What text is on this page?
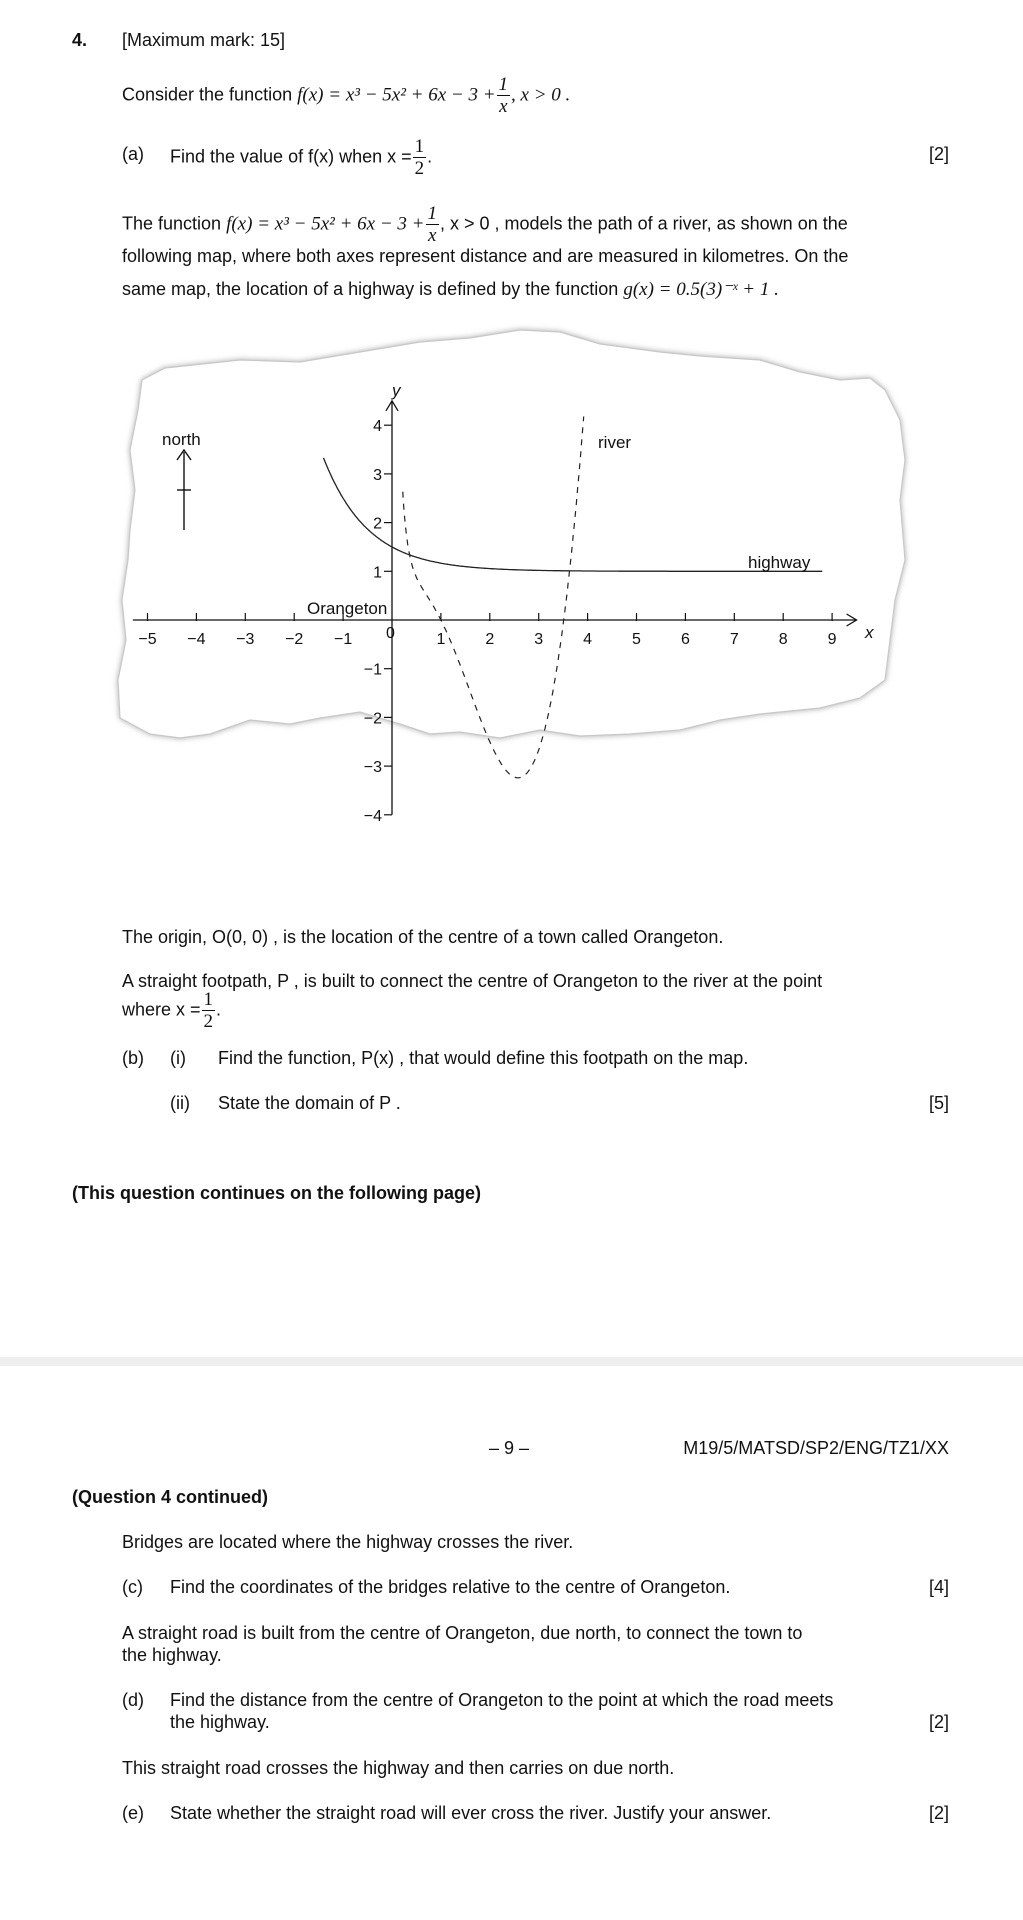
4. [Maximum mark: 15]
Consider the function $f(x) = x^3 - 5x^2 + 6x - 3 + \frac{1}{x}$ , x > 0 .
(a) Find the value of f(x) when $x = \frac{1}{2}$ .	[2]
The function $f(x) = x^3 - 5x^2 + 6x - 3 + \frac{1}{x}$ , x > 0 , models the path of a river, as shown on the
following map, where both axes represent distance and are measured in kilometres. On the
same map, the location of a highway is defined by the function g(x) = 0.5(3)⁻ˣ + 1 .
north
−5 −4 −3 −2 −1	1 2 3 4 5 6 7 8 9
4
3
2
1
−1
−2
−3
−4
river
highway
Orangeton
x
y
0
The origin, O(0, 0) , is the location of the centre of a town called Orangeton.
A straight footpath, P , is built to connect the centre of Orangeton to the river at the point
where $x = \frac{1}{2}$ .
(b) (i) Find the function, P(x) , that would define this footpath on the map.
(ii) State the domain of P .	[5]
(This question continues on the following page)
– 9 –	M19/5/MATSD/SP2/ENG/TZ1/XX
(Question 4 continued)
Bridges are located where the highway crosses the river.
(c) Find the coordinates of the bridges relative to the centre of Orangeton.	[4]
A straight road is built from the centre of Orangeton, due north, to connect the town to
the highway.
(d) Find the distance from the centre of Orangeton to the point at which the road meets
the highway.	[2]
This straight road crosses the highway and then carries on due north.
(e) State whether the straight road will ever cross the river. Justify your answer.	[2]
